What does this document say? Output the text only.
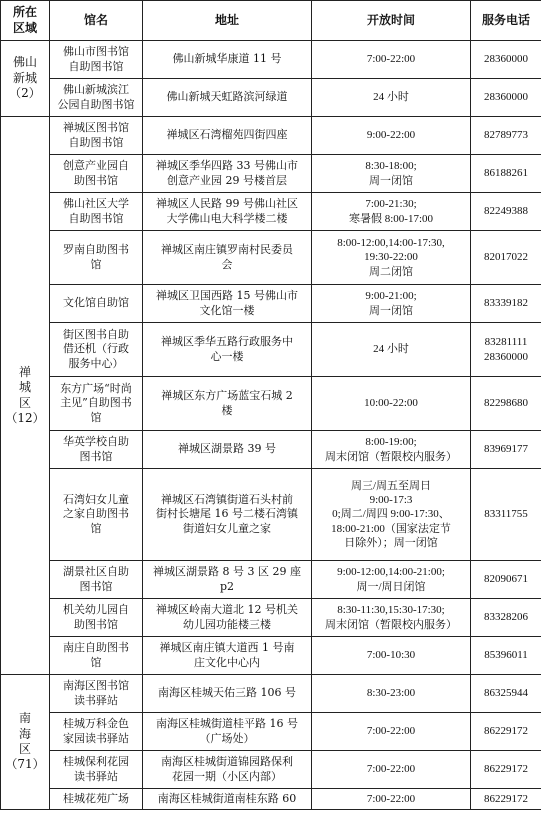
所在
区域	馆名	地址	开放时间	服务电话

佛山
新城
（2）	佛山市图书馆
自助图书馆	佛山新城华康道 11 号	7:00-22:00	28360000

	佛山新城滨江
公园自助图书馆	佛山新城天虹路滨河绿道	24 小时	28360000

禅
城
区
（12）	禅城区图书馆
自助图书馆	禅城区石湾榴苑四街四座	9:00-22:00	82789773

	创意产业园自
助图书馆	禅城区季华四路 33 号佛山市
创意产业园 29 号楼首层	8:30-18:00;
周一闭馆	86188261

	佛山社区大学
自助图书馆	禅城区人民路 99 号佛山社区
大学佛山电大科学楼二楼	7:00-21:30;
寒暑假 8:00-17:00	82249388

	罗南自助图书
馆	禅城区南庄镇罗南村民委员
会	8:00-12:00,14:00-17:30,
19:30-22:00
周二闭馆	82017022

	文化馆自助馆	禅城区卫国西路 15 号佛山市
文化馆一楼	9:00-21:00;
周一闭馆	83339182

	街区图书自助
借还机（行政
服务中心）	禅城区季华五路行政服务中
心一楼	24 小时	83281111
28360000

	东方广场“时尚
主见”自助图书
馆	禅城区东方广场蓝宝石城 2
楼	10:00-22:00	82298680

	华英学校自助
图书馆	禅城区湖景路 39 号	8:00-19:00;
周末闭馆（暂限校内服务）	83969177

	石湾妇女儿童
之家自助图书
馆	禅城区石湾镇街道石头村前
街村长塘尾 16 号二楼石湾镇
街道妇女儿童之家	周三/周五至周日
9:00-17:3
0;周二/周四 9:00-17:30、
18:00-21:00（国家法定节
日除外）；周一闭馆	83311755

	湖景社区自助
图书馆	禅城区湖景路 8 号 3 区 29 座
p2	9:00-12:00,14:00-21:00;
周一/周日闭馆	82090671

	机关幼儿园自
助图书馆	禅城区岭南大道北 12 号机关
幼儿园功能楼三楼	8:30-11:30,15:30-17:30;
周末闭馆（暂限校内服务）	83328206

	南庄自助图书
馆	禅城区南庄镇大道西 1 号南
庄文化中心内	7:00-10:30	85396011

南
海
区
（71）	南海区图书馆
读书驿站	南海区桂城天佑三路 106 号	8:30-23:00	86325944

	桂城万科金色
家园读书驿站	南海区桂城街道桂平路 16 号
（广场处）	7:00-22:00	86229172

	桂城保利花园
读书驿站	南海区桂城街道锦园路保利
花园一期（小区内部）	7:00-22:00	86229172

	桂城花苑广场	南海区桂城街道南桂东路 60	7:00-22:00	86229172
